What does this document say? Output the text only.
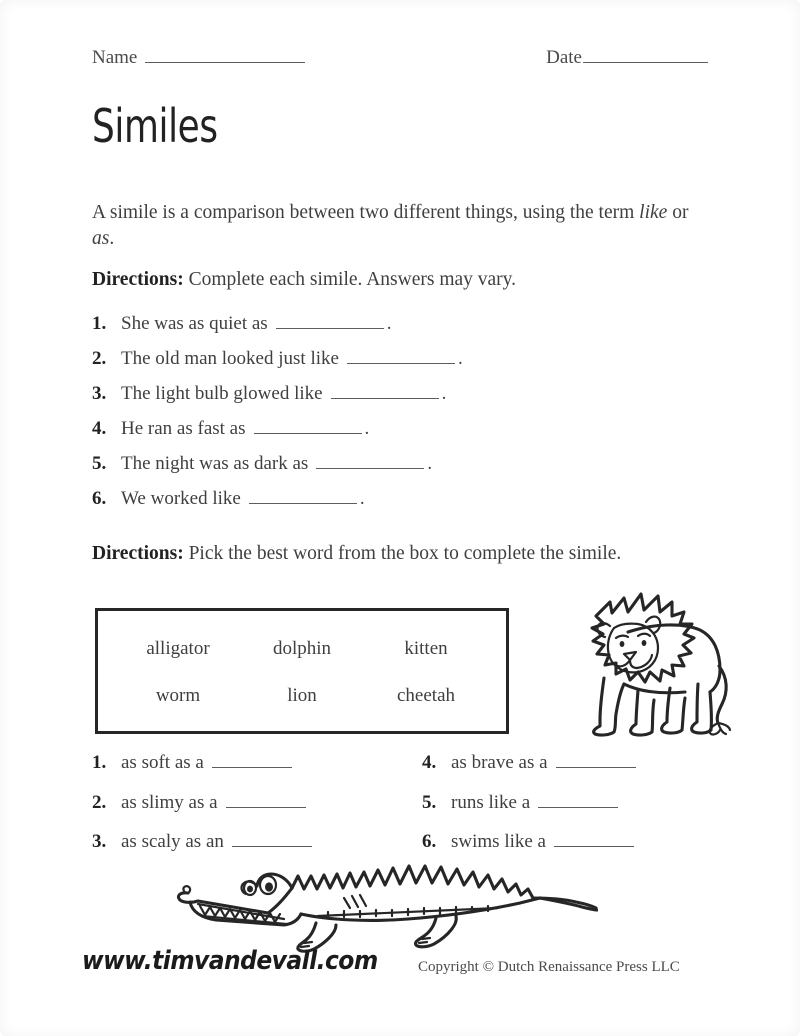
Name	Date
Similes
A simile is a comparison between two different things, using the term like or as.
Directions: Complete each simile. Answers may vary.
1. She was as quiet as	.
2. The old man looked just like	.
3. The light bulb glowed like	.
4. He ran as fast as	.
5. The night was as dark as	.
6. We worked like	.
Directions: Pick the best word from the box to complete the simile.
alligator	dolphin	kitten
worm	lion	cheetah
1. as soft as a	4. as brave as a
2. as slimy as a	5. runs like a
3. as scaly as an	6. swims like a
www.timvandevall.com	Copyright © Dutch Renaissance Press LLC
